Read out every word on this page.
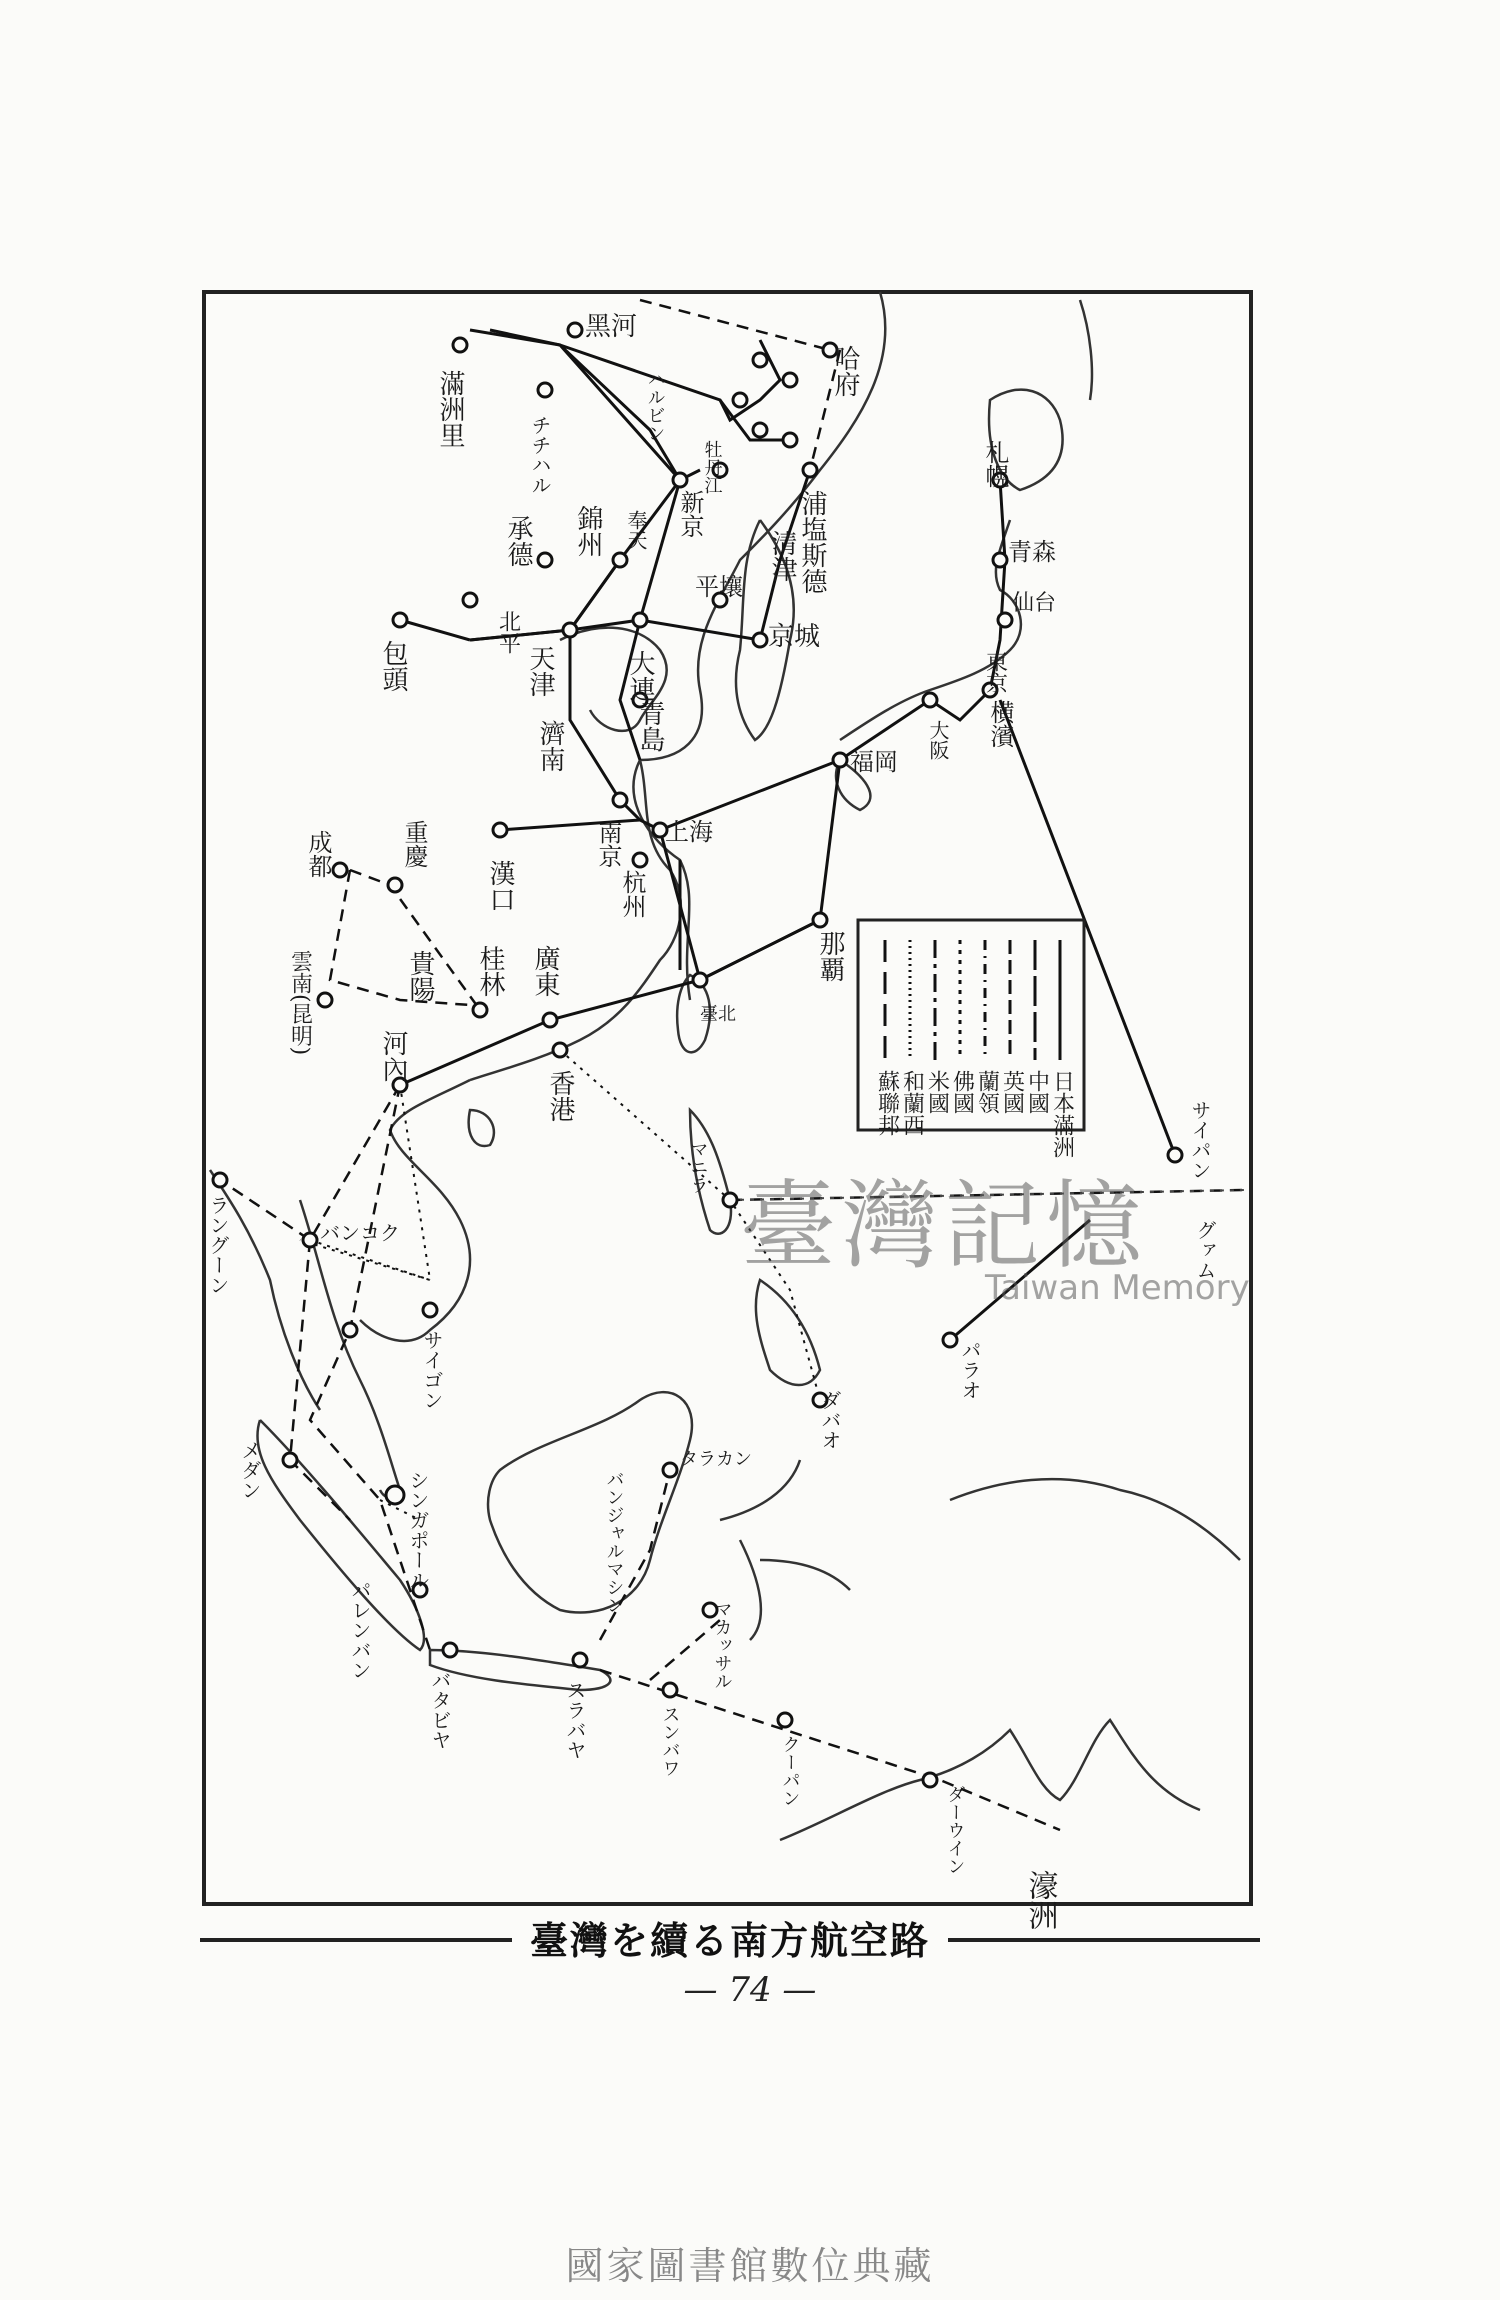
黑河
滿洲里
チチハル
ハルビン
牡丹江
哈府
浦塩斯德
新京
奉天
錦州
承德	清津
平壤
京城
大連
包頭
北平
天津
青島
濟南
南京 上海
杭州
漢口
成都	重慶
貴陽 桂林
雲南(昆明)	廣東
香港
河內
臺北
那覇
福岡
大阪
東京
横濱
仙台
青森
札幌
マニラ	サイパン
グァム
パラオ
ダバオ
ラングーン	バンコク
サイゴン
メダン	シンガポール
パレンバン
バタビヤ	スラバヤ
バンジャルマシン
タラカン
マカッサル
スンバワ	クーパン
ダーウイン
濠洲
日本滿洲
中國
英國
蘭領
佛國
米國
和蘭西
蘇聯邦
臺灣記憶
Taiwan Memory
臺灣を續る南方航空路
— 74 —
國家圖書館數位典藏
